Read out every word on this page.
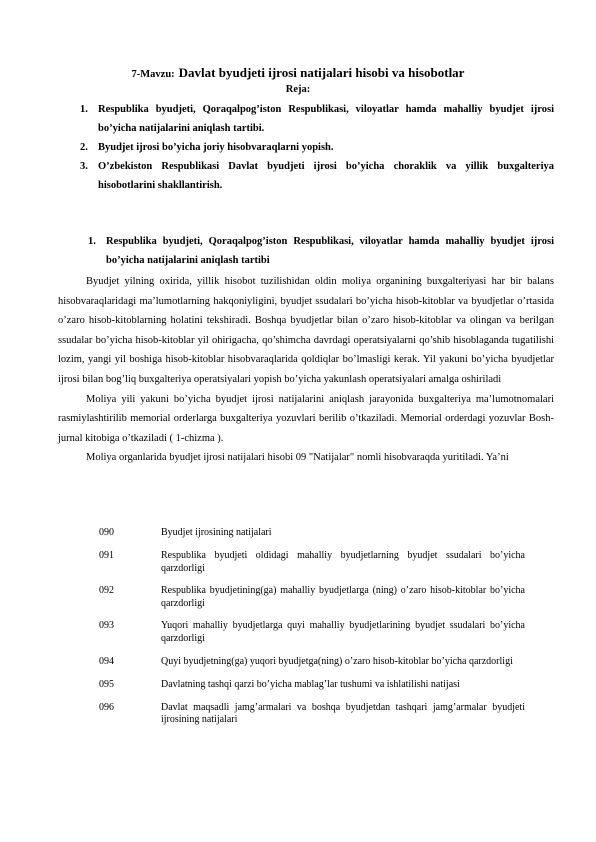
7-Mavzu: Davlat byudjeti ijrosi natijalari hisobi va hisobotlar
Reja:
1. Respublika byudjeti, Qoraqalpog’iston Respublikasi, viloyatlar hamda mahalliy byudjet ijrosi bo’yicha natijalarini aniqlash tartibi.
2. Byudjet ijrosi bo’yicha joriy hisobvaraqlarni yopish.
3. O’zbekiston Respublikasi Davlat byudjeti ijrosi bo’yicha choraklik va yillik buxgalteriya hisobotlarini shakllantirish.
1. Respublika byudjeti, Qoraqalpog’iston Respublikasi, viloyatlar hamda mahalliy byudjet ijrosi bo’yicha natijalarini aniqlash tartibi

Byudjet yilning oxirida, yillik hisobot tuzilishidan oldin moliya organining buxgalteriyasi har bir balans hisobvaraqlaridagi ma’lumotlarning hakqoniyligini, byudjet ssudalari bo’yicha hisob-kitoblar va byudjetlar o’rtasida o’zaro hisob-kitoblarning holatini tekshiradi. Boshqa byudjetlar bilan o’zaro hisob-kitoblar va olingan va berilgan ssudalar bo’yicha hisob-kitoblar yil ohirigacha, qo’shimcha davrdagi operatsiyalarni qo’shib hisoblaganda tugatilishi lozim, yangi yil boshiga hisob-kitoblar hisobvaraqlarida qoldiqlar bo’lmasligi kerak. Yil yakuni bo’yicha byudjetlar ijrosi bilan bog’liq buxgalteriya operatsiyalari yopish bo’yicha yakunlash operatsiyalari amalga oshiriladi

Moliya yili yakuni bo’yicha byudjet ijrosi natijalarini aniqlash jarayonida buxgalteriya ma’lumotnomalari rasmiylashtirilib memorial orderlarga buxgalteriya yozuvlari berilib o’tkaziladi. Memorial orderdagi yozuvlar Bosh-jurnal kitobiga o’tkaziladi ( 1-chizma ).

Moliya organlarida byudjet ijrosi natijalari hisobi 09 "Natijalar" nomli hisobvaraqda yuritiladi. Ya’ni

090	Byudjet ijrosining natijalari
091	Respublika byudjeti oldidagi mahalliy byudjetlarning byudjet ssudalari bo’yicha qarzdorligi
092	Respublika byudjetining(ga) mahalliy byudjetlarga (ning) o’zaro hisob-kitoblar bo’yicha qarzdorligi
093	Yuqori mahalliy byudjetlarga quyi mahalliy byudjetlarining byudjet ssudalari bo’yicha qarzdorligi
094	Quyi byudjetning(ga) yuqori byudjetga(ning) o’zaro hisob-kitoblar bo’yicha qarzdorligi
095	Davlatning tashqi qarzi bo’yicha mablag’lar tushumi va ishlatilishi natijasi
096	Davlat maqsadli jamg’armalari va boshqa byudjetdan tashqari jamg’armalar byudjeti ijrosining natijalari
